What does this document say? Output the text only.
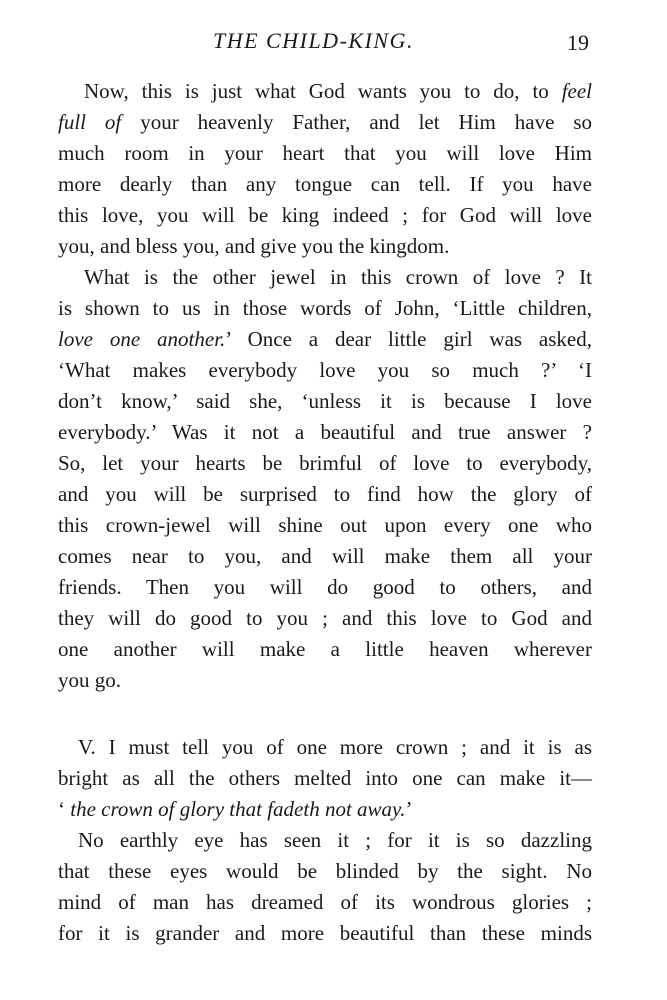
THE CHILD-KING.	19
Now, this is just what God wants you to do, to feel
full of your heavenly Father, and let Him have so
much room in your heart that you will love Him
more dearly than any tongue can tell. If you have
this love, you will be king indeed ; for God will love
you, and bless you, and give you the kingdom.
What is the other jewel in this crown of love ? It
is shown to us in those words of John, ‘Little children,
love one another.’ Once a dear little girl was asked,
‘What makes everybody love you so much ?’ ‘I
don’t know,’ said she, ‘unless it is because I love
everybody.’ Was it not a beautiful and true answer ?
So, let your hearts be brimful of love to everybody,
and you will be surprised to find how the glory of
this crown-jewel will shine out upon every one who
comes near to you, and will make them all your
friends. Then you will do good to others, and
they will do good to you ; and this love to God and
one another will make a little heaven wherever
you go.
V. I must tell you of one more crown ; and it is as
bright as all the others melted into one can make it—
‘ the crown of glory that fadeth not away.’
No earthly eye has seen it ; for it is so dazzling
that these eyes would be blinded by the sight. No
mind of man has dreamed of its wondrous glories ;
for it is grander and more beautiful than these minds
